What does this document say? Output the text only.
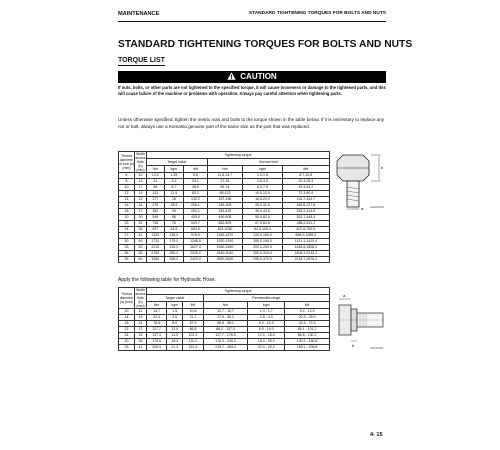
MAINTENANCE	STANDARD TIGHTENING TORQUES FOR BOLTS AND NUTS
STANDARD TIGHTENING TORQUES FOR BOLTS AND NUTS
TORQUE LIST
CAUTION
If nuts, bolts, or other parts are not tightened to the specified torque, it will cause looseness or damage to the tightened parts, and this will cause failure of the machine or problems with operation. Always pay careful attention when tightening parts.
Unless otherwise specified, tighten the metric nuts and bolts to the torque shown in the table below. If it is necessary to replace any nut or bolt, always use a Komatsu genuine part of the same size as the part that was replaced.
Thread diameter of bolt (a) (mm)	Width across flats (b) (mm)	Tightening torque					
		Target value			Service limit		
		Nm	kgm	lbft	Nm	kgm	lbft
6	10	13.2	1.35	9.8	11.8-14.7	1.2-1.5	8.7-10.8
8	13	31	3.2	23.1	27-34	2.8-3.5	20.3-25.3
10	17	66	6.7	48.5	59-74	6.0-7.5	43.4-54.2
12	19	113	11.5	83.2	98-123	10.0-12.5	72.3-90.4
14	22	177	18	130.2	157-196	16.0-20.0	115.7-144.7
16	24	279	28.5	206.1	245-309	25.0-31.5	180.8-227.8
18	27	382	39	282.1	343-425	35.0-43.5	253.2-314.6
20	30	549	56	405.0	490-608	50.0-62.0	361.7-448.4
22	32	745	76	549.7	662-829	67.5-84.5	488.2-611.2
24	36	927	94.5	683.5	824-1030	84.0-105.0	607.6-759.5
27	41	1320	135.0	976.5	1180-1470	120.0-150.0	868.0-1085.0
30	46	1720	175.0	1265.8	1520-1910	155.0-195.0	1121.1-1410.4
33	50	2210	225.0	1627.4	1960-2450	200.0-250.0	1446.6-1808.3
36	55	2750	280.0	2025.2	2450-3040	250.0-310.0	1808.3-2242.2
39	60	3280	335.0	2423.0	2890-3630	295.0-370.0	2133.7-2676.2
b
a SEW00204
Apply the following table for Hydraulic Hose.
Thread diameter (a) (mm)	Width across flats (b) (mm)	Tightening torque					
		Target value			Permissible range		
		Nm	kgm	lbft	Nm	kgm	lbft
10	14	14.7	1.5	10.8	12.7 - 16.7	1.3 - 1.7	9.4 - 12.3
14	19	29.4	3.0	21.7	27.9 - 39.2	2.8 - 4.0	20.3 - 28.9
18	24	78.5	8.0	57.9	58.8 - 98.1	6.0 - 10.0	43.4 - 72.3
22	27	117.7	12.0	86.8	88.2 - 137.3	9.0 - 14.0	65.1 - 101.2
24	32	137.3	14.0	101.3	117.7 - 176.5	12.0 - 18.0	86.8 - 130.2
30	36	176.5	18.0	130.2	176.5 - 245.2	18.0 - 25.0	130.2 - 180.8
33	41	205.9	21.0	151.9	215.7 - 284.4	22.0 - 29.0	159.1 - 209.8
a
b	SJW00261
4- 15
